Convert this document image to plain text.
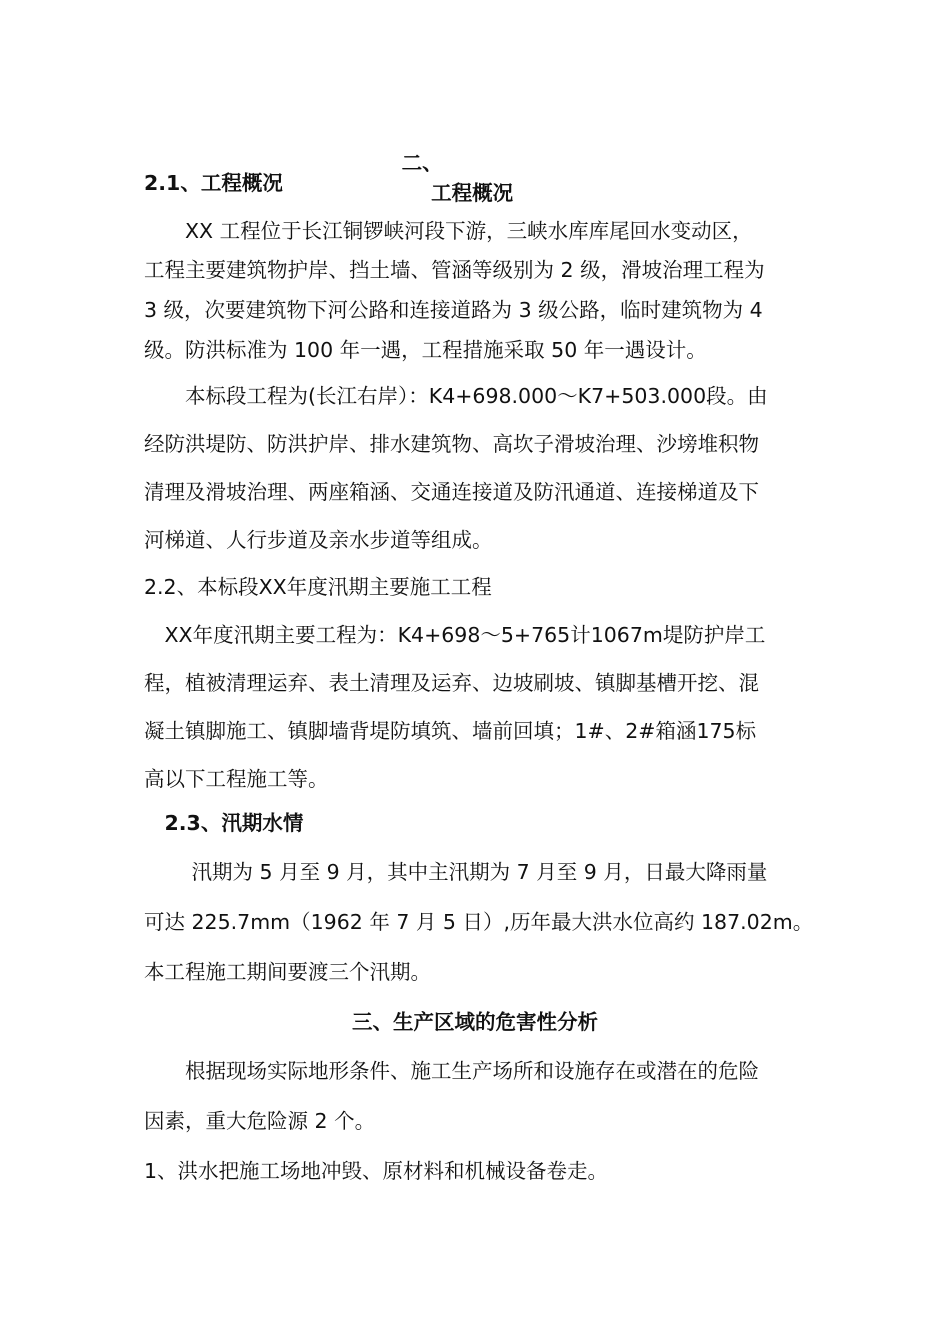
二、
工程概况

2.1、工程概况
　　XX 工程位于长江铜锣峡河段下游，三峡水库库尾回水变动区，
工程主要建筑物护岸、挡土墙、管涵等级别为 2 级，滑坡治理工程为
3 级，次要建筑物下河公路和连接道路为 3 级公路，临时建筑物为 4
级。防洪标准为 100 年一遇，工程措施采取 50 年一遇设计。
　　本标段工程为(长江右岸）：K4+698.000～K7+503.000段。由
经防洪堤防、防洪护岸、排水建筑物、高坎子滑坡治理、沙塝堆积物
清理及滑坡治理、两座箱涵、交通连接道及防汛通道、连接梯道及下
河梯道、人行步道及亲水步道等组成。
2.2、本标段XX年度汛期主要施工工程
　XX年度汛期主要工程为：K4+698～5+765计1067m堤防护岸工
程，植被清理运弃、表土清理及运弃、边坡刷坡、镇脚基槽开挖、混
凝土镇脚施工、镇脚墙背堤防填筑、墙前回填；1#、2#箱涵175标
高以下工程施工等。
　2.3、汛期水情
　　 汛期为 5 月至 9 月，其中主汛期为 7 月至 9 月，日最大降雨量
可达 225.7mm（1962 年 7 月 5 日）,历年最大洪水位高约 187.02m。
本工程施工期间要渡三个汛期。
三、生产区域的危害性分析
　　根据现场实际地形条件、施工生产场所和设施存在或潜在的危险
因素，重大危险源 2 个。
1、洪水把施工场地冲毁、原材料和机械设备卷走。
